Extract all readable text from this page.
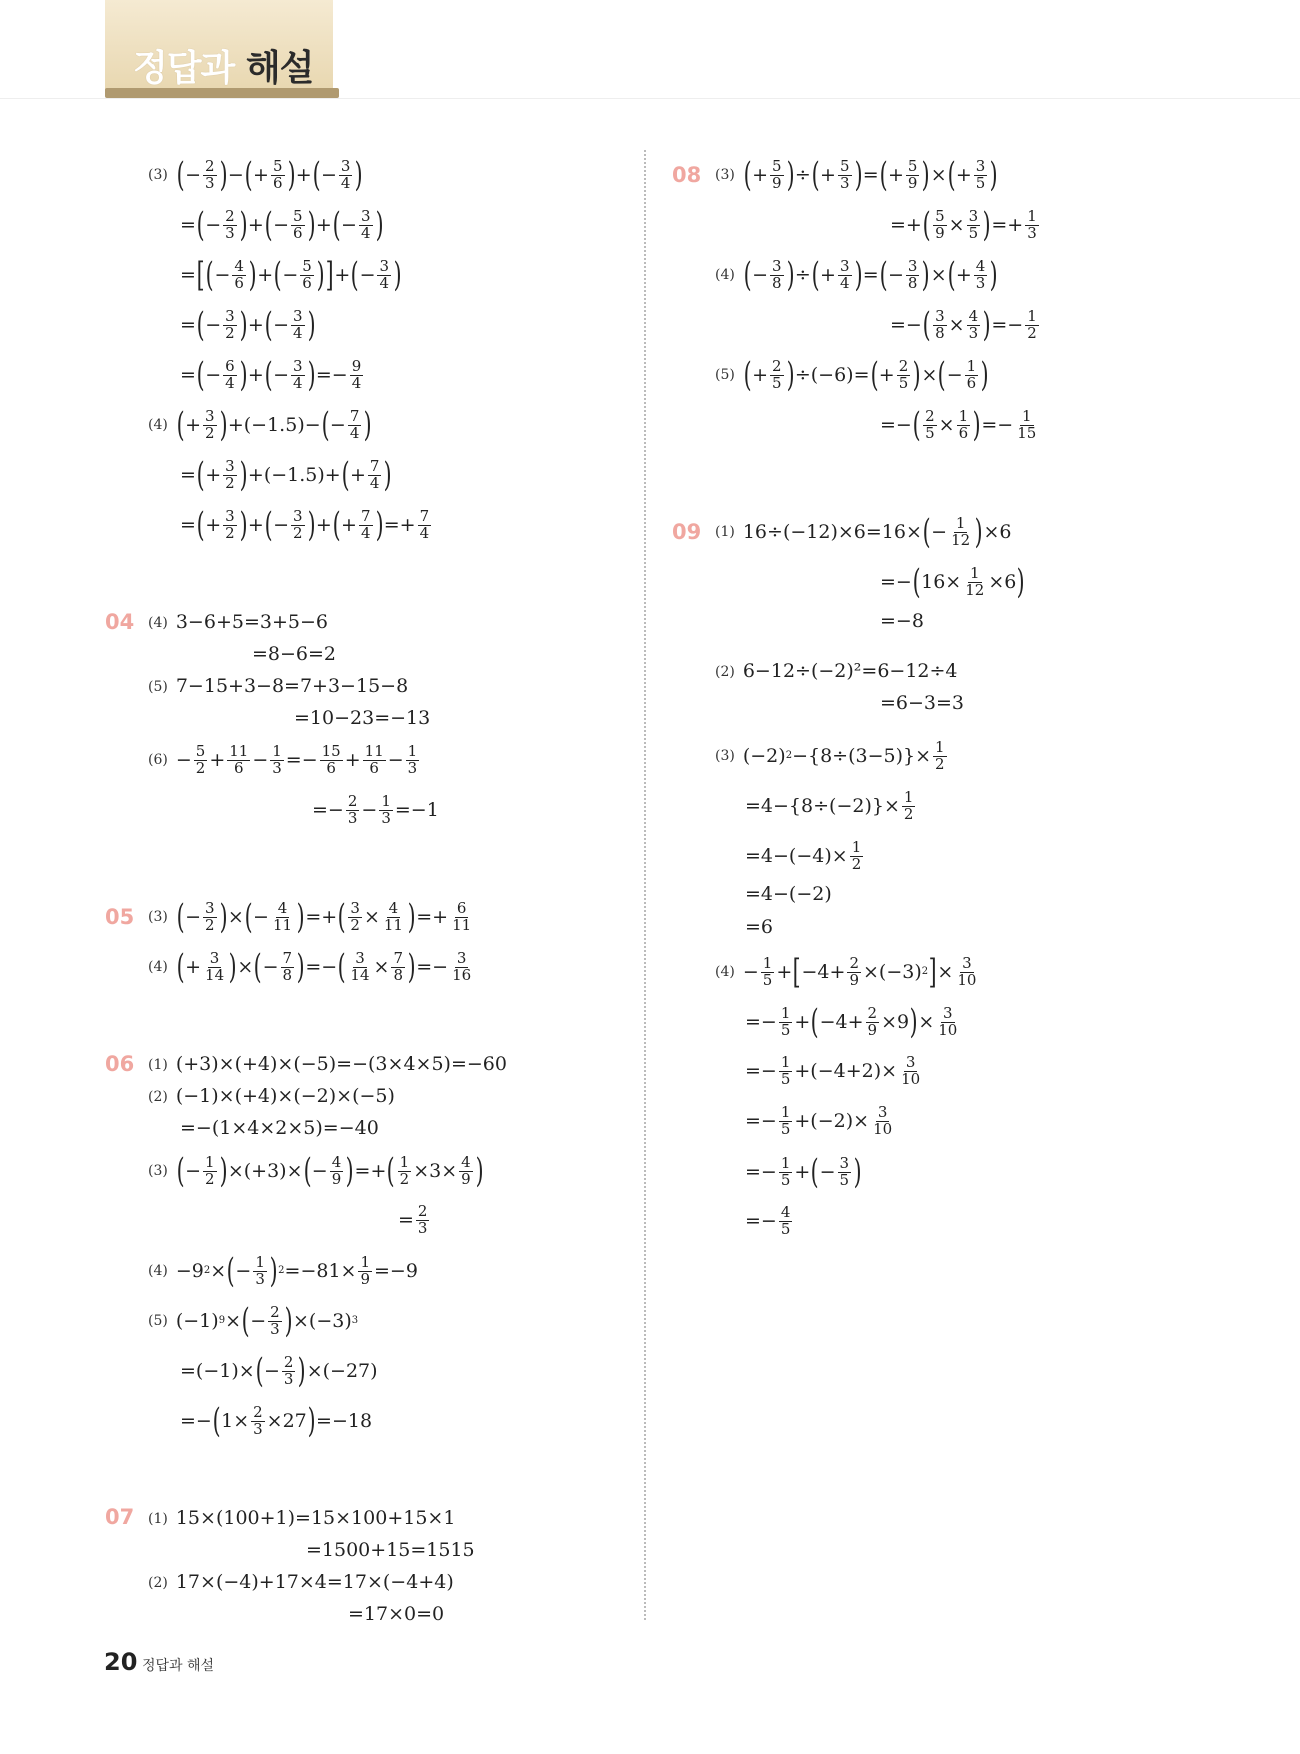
정답과 해설
(3) ( − 2
3 ) − ( + 5
6 ) + ( − 3
4 )
= ( − 2
3 ) + ( − 5
6 ) + ( − 3
4 )
= [ ( − 4
6 ) + ( − 5
6 ) ] + ( − 3
4 )
= ( − 3
2 ) + ( − 3
4 )
= ( − 6
4 ) + ( − 3
4 ) =− 9
4
(4) ( + 3
2 ) +(−1.5)− ( − 7
4 )
= ( + 3
2 ) +(−1.5)+ ( + 7
4 )
= ( + 3
2 ) + ( − 3
2 ) + ( + 7
4 ) =+ 7
4
04 (4) 3−6+5=3+5−6
=8−6=2
(5) 7−15+3−8=7+3−15−8
=10−23=−13
(6) − 5
2 + 11
6 − 1
3 =− 15
6 + 11
6 − 1
3
=− 2
3 − 1
3 =−1
05 (3) ( − 3
2 ) × ( − 4
11 ) =+ ( 3
2 × 4
11 ) =+ 6
11
(4) ( + 3
14 ) × ( − 7
8 ) =− ( 3
14 × 7
8 ) =− 3
16
06 (1) (+3)×(+4)×(−5)=−(3×4×5)=−60
(2) (−1)×(+4)×(−2)×(−5)
=−(1×4×2×5)=−40
(3) ( − 1
2 ) ×(+3)× ( − 4
9 ) =+ ( 1
2 ×3× 4
9 )
= 2
3
(4) −9 2 × ( − 1
3 ) 2 =−81× 1
9 =−9
(5) (−1) 9 × ( − 2
3 ) ×(−3) 3
=(−1)× ( − 2
3 ) ×(−27)
=− ( 1× 2
3 ×27 ) =−18
07 (1) 15×(100+1)=15×100+15×1
=1500+15=1515
(2) 17×(−4)+17×4=17×(−4+4)
=17×0=0
08 (3) ( + 5
9 ) ÷ ( + 5
3 ) = ( + 5
9 ) × ( + 3
5 )
=+ ( 5
9 × 3
5 ) =+ 1
3
(4) ( − 3
8 ) ÷ ( + 3
4 ) = ( − 3
8 ) × ( + 4
3 )
=− ( 3
8 × 4
3 ) =− 1
2
(5) ( + 2
5 ) ÷(−6)= ( + 2
5 ) × ( − 1
6 )
=− ( 2
5 × 1
6 ) =− 1
15
09 (1) 16÷(−12)×6=16× ( − 1
12 ) ×6
=− ( 16× 1
12 ×6 )
=−8
(2) 6−12÷(−2)²=6−12÷4
=6−3=3
(3) (−2) 2 −{8÷(3−5)}× 1
2
=4−{8÷(−2)}× 1
2
=4−(−4)× 1
2
=4−(−2)
=6
(4) − 1
5 + [ −4+ 2
9 ×(−3) 2 ] × 3
10
=− 1
5 + ( −4+ 2
9 ×9 ) × 3
10
=− 1
5 +(−4+2)× 3
10
=− 1
5 +(−2)× 3
10
=− 1
5 + ( − 3
5 )
=− 4
5
20 정답과 해설
